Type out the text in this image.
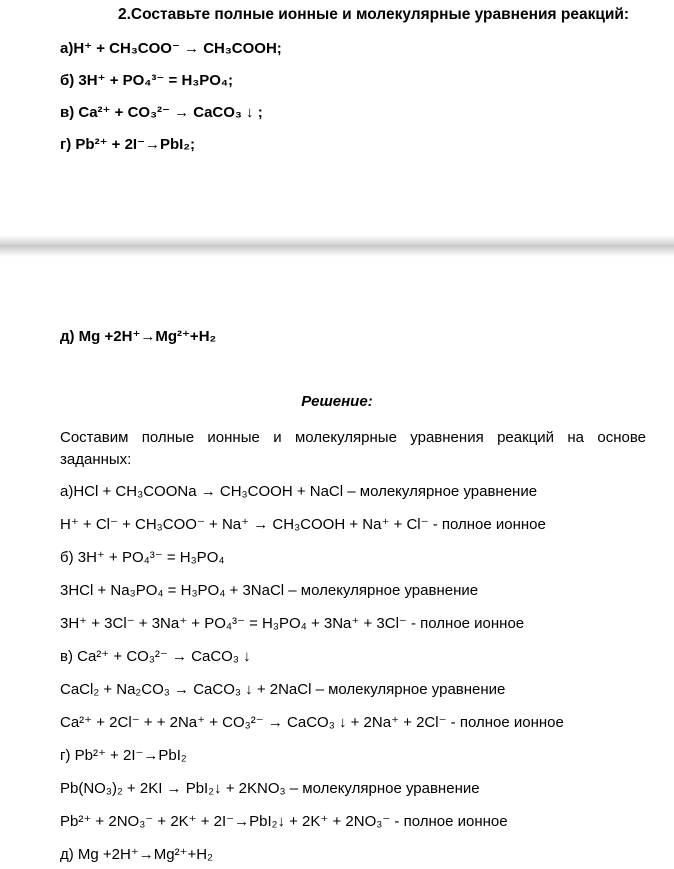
2.Составьте полные ионные и молекулярные уравнения реакций:
а)H⁺ + CH₃COO⁻ → CH₃COOH;
б) 3H⁺ + PO₄³⁻ = H₃PO₄;
в) Ca²⁺ + CO₃²⁻ → CaCO₃ ↓ ;
г) Pb²⁺ + 2I⁻→PbI₂;
д) Mg +2H⁺→Mg²⁺+H₂
Решение:
Составим полные ионные и молекулярные уравнения реакций на основе заданных:
а)HCl + CH₃COONa → CH₃COOH + NaCl – молекулярное уравнение
H⁺ + Cl⁻ + CH₃COO⁻ + Na⁺ → CH₃COOH + Na⁺ + Cl⁻ - полное ионное
б) 3H⁺ + PO₄³⁻ = H₃PO₄
3HCl + Na₃PO₄ = H₃PO₄ + 3NaCl – молекулярное уравнение
3H⁺ + 3Cl⁻ + 3Na⁺ + PO₄³⁻ = H₃PO₄ + 3Na⁺ + 3Cl⁻ - полное ионное
в) Ca²⁺ + CO₃²⁻ → CaCO₃ ↓
CaCl₂ + Na₂CO₃ → CaCO₃ ↓ + 2NaCl – молекулярное уравнение
Ca²⁺ + 2Cl⁻ + + 2Na⁺ + CO₃²⁻ → CaCO₃ ↓ + 2Na⁺ + 2Cl⁻ - полное ионное
г) Pb²⁺ + 2I⁻→PbI₂
Pb(NO₃)₂ + 2KI → PbI₂↓ + 2KNO₃ – молекулярное уравнение
Pb²⁺ + 2NO₃⁻ + 2K⁺ + 2I⁻→PbI₂↓ + 2K⁺ + 2NO₃⁻ - полное ионное
д) Mg +2H⁺→Mg²⁺+H₂
